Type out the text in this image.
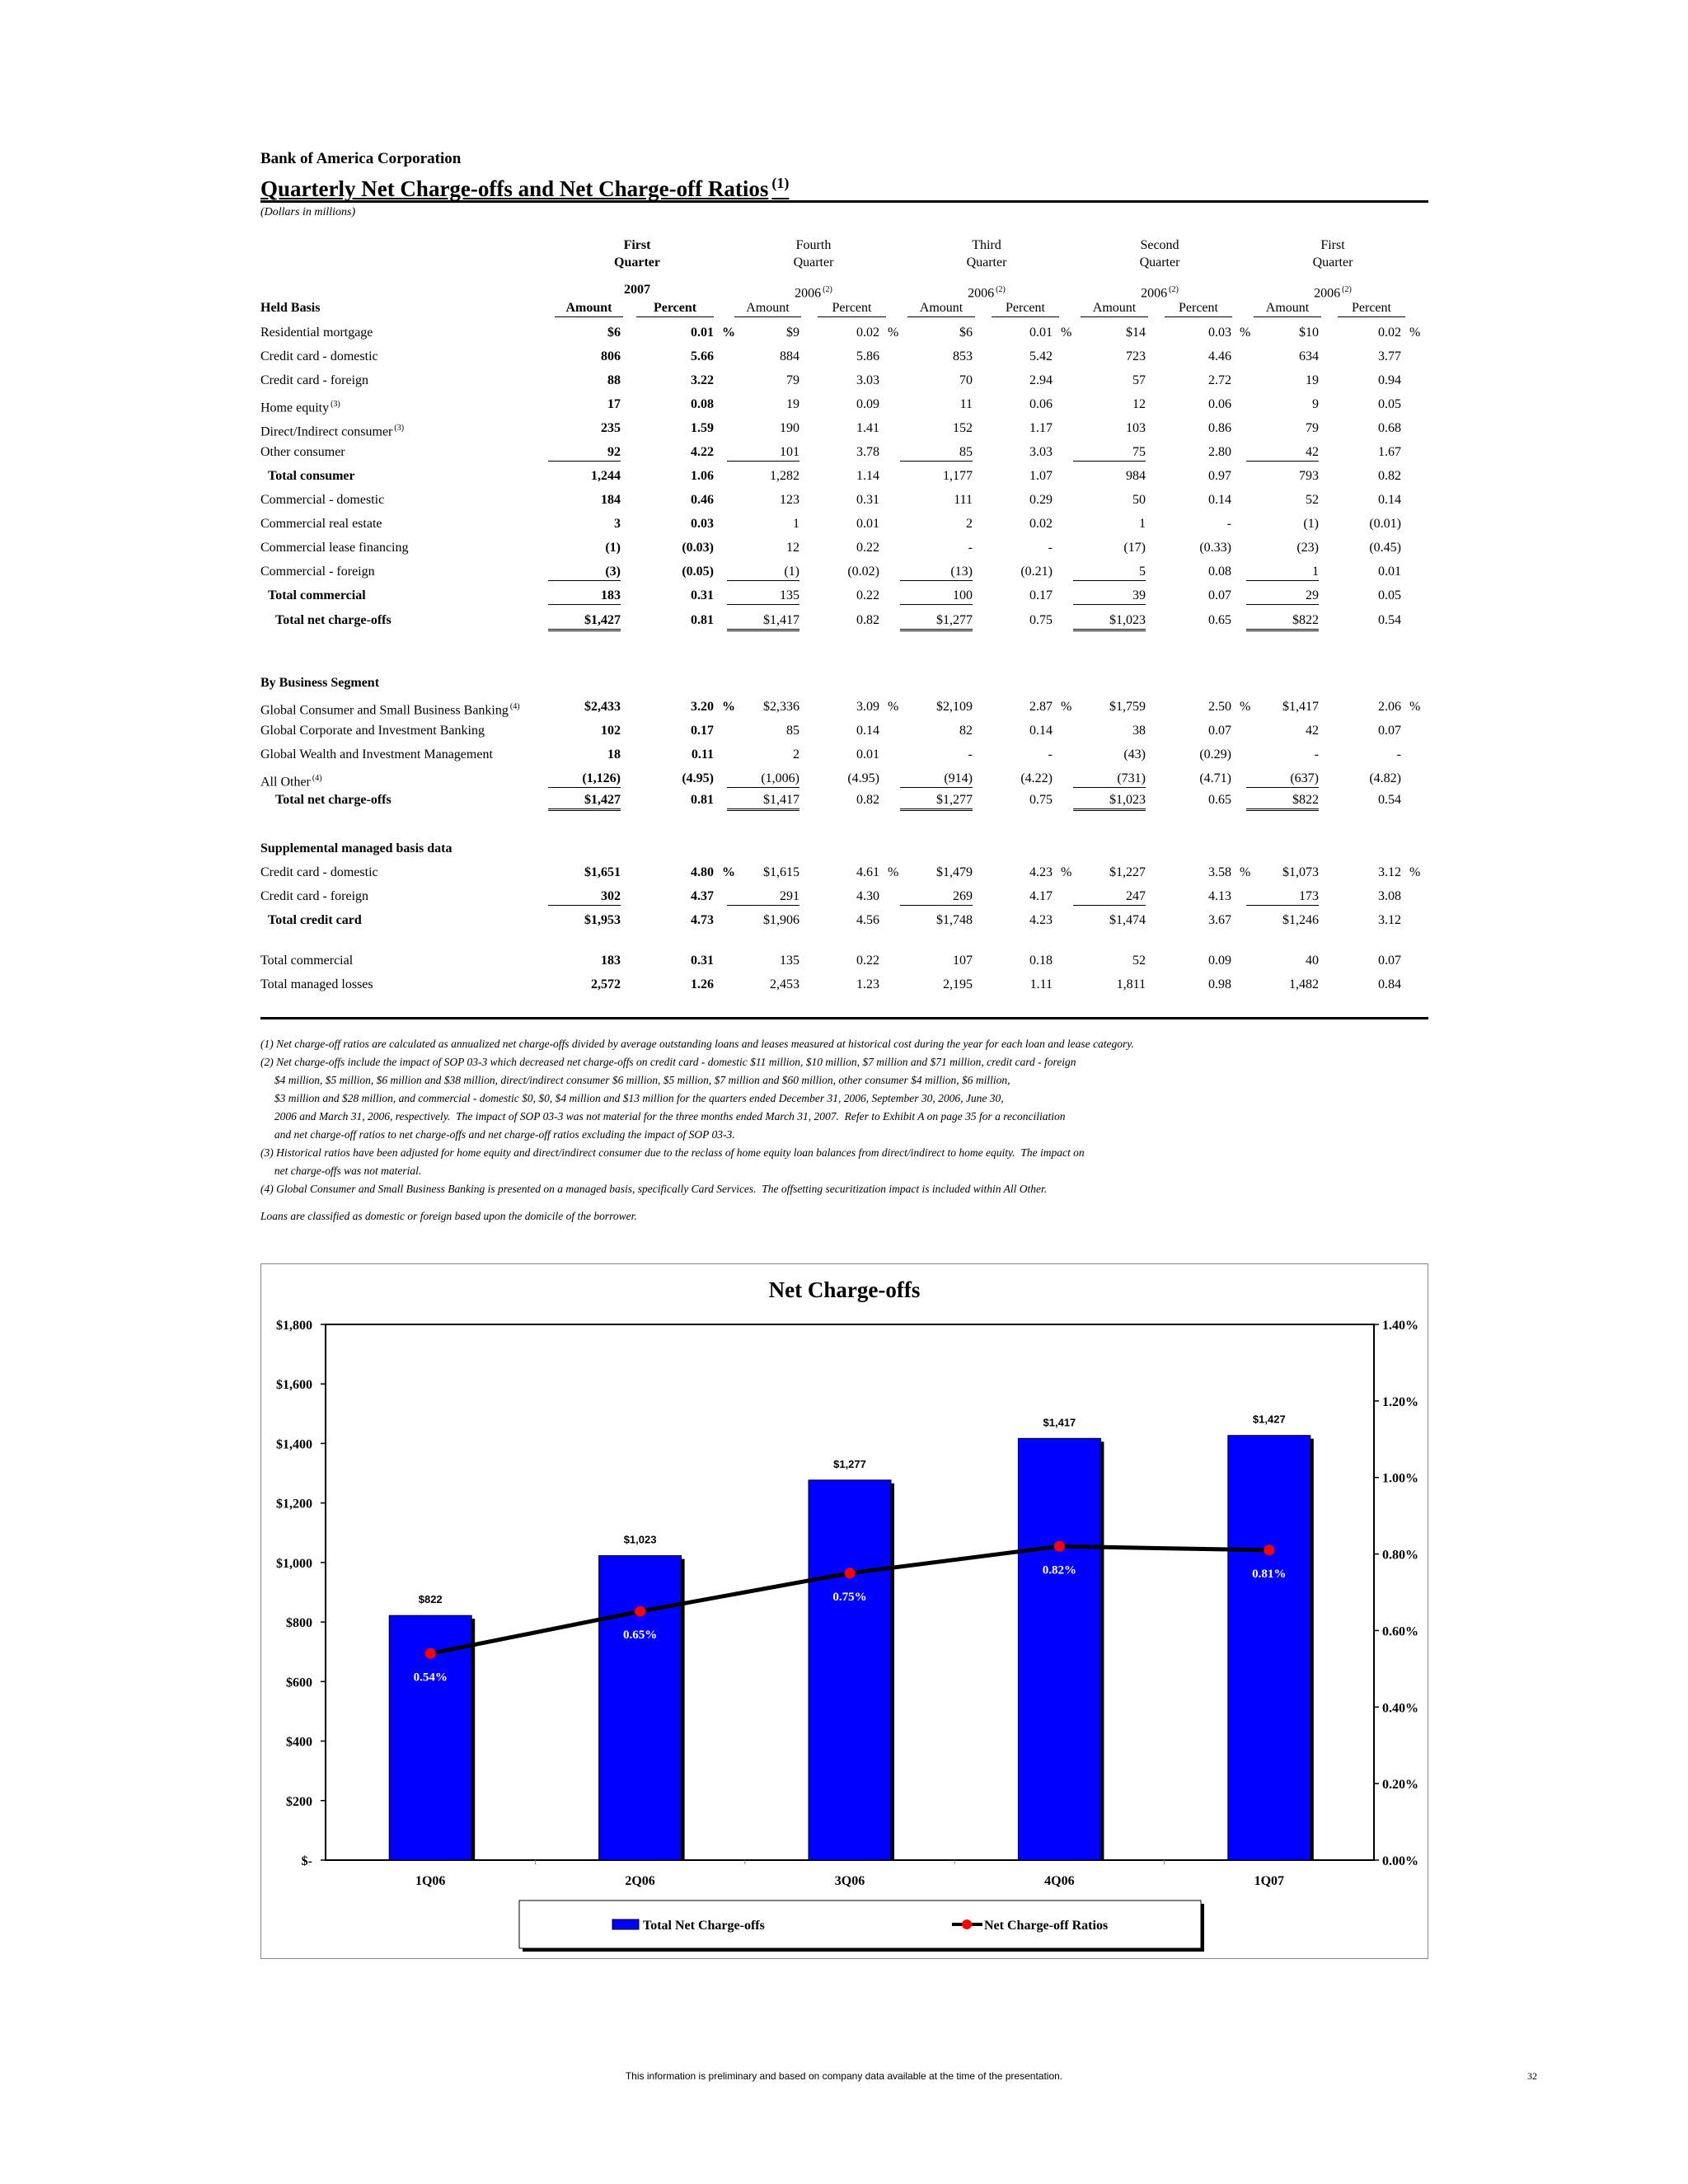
Bank of America Corporation
Quarterly Net Charge-offs and Net Charge-off Ratios $^{(1)}$
(Dollars in millions)
First
Quarter
2007
Amount	Percent
Fourth
Quarter
2006 $^{(2)}$
Amount	Percent
Third
Quarter
2006 $^{(2)}$
Amount	Percent
Second
Quarter
2006 $^{(2)}$
Amount	Percent
First
Quarter
2006 $^{(2)}$
Amount	Percent
Held Basis
Residential mortgage	$6	0.01 %	$9	0.02 %	$6	0.01 %	$14	0.03 %	$10	0.02 %
Credit card - domestic	806	5.66	884	5.86	853	5.42	723	4.46	634	3.77
Credit card - foreign	88	3.22	79	3.03	70	2.94	57	2.72	19	0.94
Home equity $^{(3)}$	17	0.08	19	0.09	11	0.06	12	0.06	9	0.05
Direct/Indirect consumer $^{(3)}$	235	1.59	190	1.41	152	1.17	103	0.86	79	0.68
Other consumer	92	4.22	101	3.78	85	3.03	75	2.80	42	1.67
Total consumer	1,244	1.06	1,282	1.14	1,177	1.07	984	0.97	793	0.82
Commercial - domestic	184	0.46	123	0.31	111	0.29	50	0.14	52	0.14
Commercial real estate	3	0.03	1	0.01	2	0.02	1	-	(1)	(0.01)
Commercial lease financing	(1)	(0.03)	12	0.22	-	-	(17)	(0.33)	(23)	(0.45)
Commercial - foreign	(3)	(0.05)	(1)	(0.02)	(13)	(0.21)	5	0.08	1	0.01
Total commercial	183	0.31	135	0.22	100	0.17	39	0.07	29	0.05
Total net charge-offs	$1,427	0.81	$1,417	0.82	$1,277	0.75	$1,023	0.65	$822	0.54
By Business Segment
Global Consumer and Small Business Banking $^{(4)}$	$2,433	3.20 %	$2,336	3.09 %	$2,109	2.87 %	$1,759	2.50 %	$1,417	2.06 %
Global Corporate and Investment Banking	102	0.17	85	0.14	82	0.14	38	0.07	42	0.07
Global Wealth and Investment Management	18	0.11	2	0.01	-	-	(43)	(0.29)	-	-
All Other $^{(4)}$	(1,126)	(4.95)	(1,006)	(4.95)	(914)	(4.22)	(731)	(4.71)	(637)	(4.82)
Total net charge-offs	$1,427	0.81	$1,417	0.82	$1,277	0.75	$1,023	0.65	$822	0.54
Supplemental managed basis data
Credit card - domestic	$1,651	4.80 %	$1,615	4.61 %	$1,479	4.23 %	$1,227	3.58 %	$1,073	3.12 %
Credit card - foreign	302	4.37	291	4.30	269	4.17	247	4.13	173	3.08
Total credit card	$1,953	4.73	$1,906	4.56	$1,748	4.23	$1,474	3.67	$1,246	3.12
Total commercial	183	0.31	135	0.22	107	0.18	52	0.09	40	0.07
Total managed losses	2,572	1.26	2,453	1.23	2,195	1.11	1,811	0.98	1,482	0.84
(1) Net charge-off ratios are calculated as annualized net charge-offs divided by average outstanding loans and leases measured at historical cost during the year for each loan and lease category.
(2) Net charge-offs include the impact of SOP 03-3 which decreased net charge-offs on credit card - domestic $11 million, $10 million, $7 million and $71 million, credit card - foreign
$4 million, $5 million, $6 million and $38 million, direct/indirect consumer $6 million, $5 million, $7 million and $60 million, other consumer $4 million, $6 million,
$3 million and $28 million, and commercial - domestic $0, $0, $4 million and $13 million for the quarters ended December 31, 2006, September 30, 2006, June 30,
2006 and March 31, 2006, respectively.  The impact of SOP 03-3 was not material for the three months ended March 31, 2007.  Refer to Exhibit A on page 35 for a reconciliation
and net charge-off ratios to net charge-offs and net charge-off ratios excluding the impact of SOP 03-3.
(3) Historical ratios have been adjusted for home equity and direct/indirect consumer due to the reclass of home equity loan balances from direct/indirect to home equity.  The impact on
net charge-offs was not material.
(4) Global Consumer and Small Business Banking is presented on a managed basis, specifically Card Services.  The offsetting securitization impact is included within All Other.
Loans are classified as domestic or foreign based upon the domicile of the borrower.
Net Charge-offs
$-
$200
$400
$600
$800
$1,000
$1,200
$1,400
$1,600
$1,800
0.00%
0.20%
0.40%
0.60%
0.80%
1.00%
1.20%
1.40%
$822
$1,023
$1,277
$1,417	$1,427
1Q06	2Q06	3Q06	4Q06	1Q07
0.54%
0.65%
0.75%
0.82%	0.81%
Total Net Charge-offs	Net Charge-off Ratios
This information is preliminary and based on company data available at the time of the presentation.	32
